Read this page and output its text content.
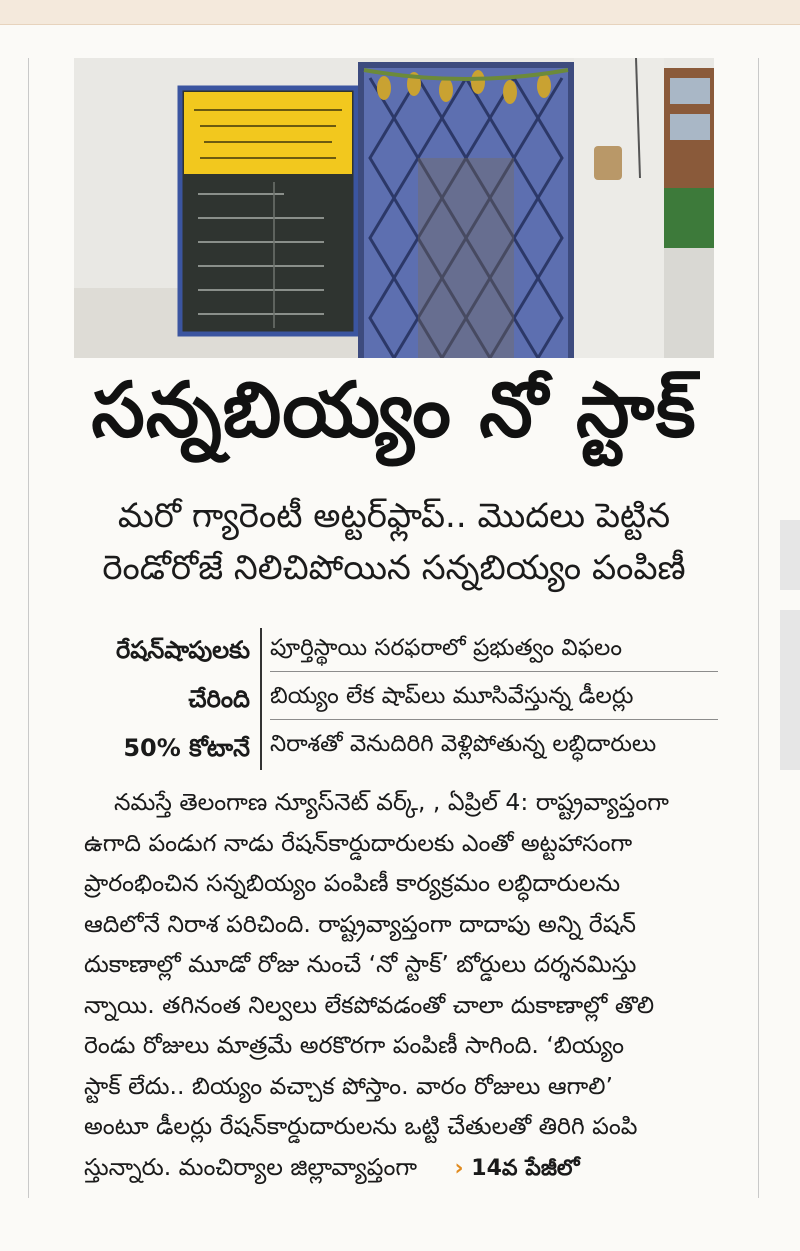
సన్నబియ్యం నో స్టాక్
మరో గ్యారెంటీ అట్టర్‌ఫ్లాప్.. మొదలు పెట్టిన
రెండోరోజే నిలిచిపోయిన సన్నబియ్యం పంపిణీ
రేషన్‌షాపులకు
చేరింది
50% కోటానే
పూర్తిస్థాయి సరఫరాలో ప్రభుత్వం విఫలం
బియ్యం లేక షాప్‌లు మూసివేస్తున్న డీలర్లు
నిరాశతో వెనుదిరిగి వెళ్లిపోతున్న లబ్ధిదారులు
నమస్తే తెలంగాణ న్యూస్‌నెట్ వర్క్, , ఏప్రిల్ 4: రాష్ట్రవ్యాప్తంగా
ఉగాది పండుగ నాడు రేషన్‌కార్డుదారులకు ఎంతో అట్టహాసంగా
ప్రారంభించిన సన్నబియ్యం పంపిణీ కార్యక్రమం లబ్ధిదారులను
ఆదిలోనే నిరాశ పరిచింది. రాష్ట్రవ్యాప్తంగా దాదాపు అన్ని రేషన్
దుకాణాల్లో మూడో రోజు నుంచే ‘నో స్టాక్’ బోర్డులు దర్శనమిస్తు
న్నాయి. తగినంత నిల్వలు లేకపోవడంతో చాలా దుకాణాల్లో తొలి
రెండు రోజులు మాత్రమే అరకొరగా పంపిణీ సాగింది. ‘బియ్యం
స్టాక్ లేదు.. బియ్యం వచ్చాక పోస్తాం. వారం రోజులు ఆగాలి’
అంటూ డీలర్లు రేషన్‌కార్డుదారులను ఒట్టి చేతులతో తిరిగి పంపి
స్తున్నారు. మంచిర్యాల జిల్లావ్యాప్తంగా › 14వ పేజీలో
